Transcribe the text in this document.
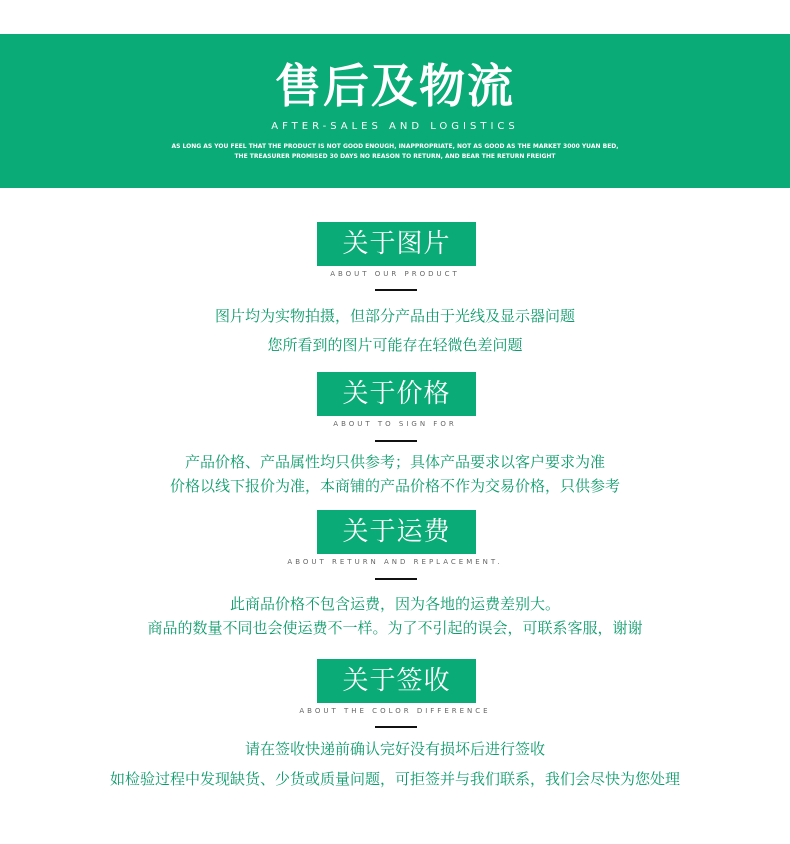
售后及物流
AFTER-SALES AND LOGISTICS
AS LONG AS YOU FEEL THAT THE PRODUCT IS NOT GOOD ENOUGH, INAPPROPRIATE, NOT AS GOOD AS THE MARKET 3000 YUAN BED,
THE TREASURER PROMISED 30 DAYS NO REASON TO RETURN, AND BEAR THE RETURN FREIGHT
关于图片
ABOUT OUR PRODUCT
图片均为实物拍摄，但部分产品由于光线及显示器问题
您所看到的图片可能存在轻微色差问题
关于价格
ABOUT TO SIGN FOR
产品价格、产品属性均只供参考；具体产品要求以客户要求为准
价格以线下报价为准，本商铺的产品价格不作为交易价格，只供参考
关于运费
ABOUT RETURN AND REPLACEMENT.
此商品价格不包含运费，因为各地的运费差别大。
商品的数量不同也会使运费不一样。为了不引起的误会，可联系客服，谢谢
关于签收
ABOUT THE COLOR DIFFERENCE
请在签收快递前确认完好没有损坏后进行签收
如检验过程中发现缺货、少货或质量问题，可拒签并与我们联系，我们会尽快为您处理
